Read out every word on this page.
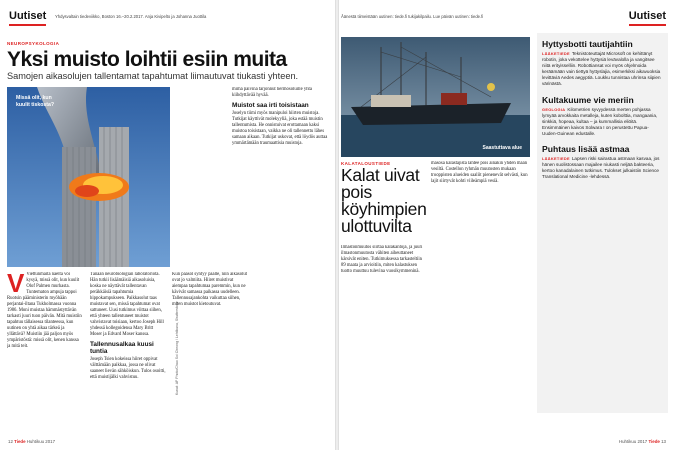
Uutiset Yhdysvaltain tiedeviikko, Boston 16.–20.2.2017. Anja Kivipelto ja Johanna Juottila
NEUROPSYKOLOGIA
Yksi muisto loihtii esiin muita
Samojen aikasolujen tallentamat tapahtumat liimautuvat tiukasti yhteen.
Missä olit, kun
kuulit tiskosta?
Kuvat: AP Photo/Chao Soi Cheong / Lehtikuva, Shutterstock
V Viettunmaita näeltä voi kysyä, missä olit, kun kuulit Olof Palmen murhasta. Tuntematon ampuja tappoi Ruotsin pääministerin myöhään perjantai-iltana Tukholmassa vuonna 1986. Moni muistaa hämmästyttävän tarkasti juuri tuon päivän. Mitä muistiin tapahtuu tällaisessa tilanteessa, kun uutinen on yhtä aikaa tärkeä ja yllättävä? Muistiin jää paljon myös ympäristöstä: missä olit, kenen kanssa ja mitä teit.
Tänään neurobiologian laboratoriota. Hän tutkii lisäämäisiä aikasoluisia, koska ne näyttävät tallentavan peräkkäisiä tapahtumia hippokampukseen. Paikkasolut taas muistavat sen, missä tapahtumat ovat sattuneet. Uusi tutkimus viittaa siihen, että yhteen tallentuneet muistot vahvistavat toisiaan, kertoo Joseph Hill yhdessä kollegoidensa Mary Britt Moser ja Edvard Moser kanssa.
Tallennusalkaa kuusi tuntia
Joseph Tsien kokeissa hiiret oppivat välttämään paikkaa, jossa ne olivat saaneet lievän sähköiskun. Tulos osoitti, että muistijälki vahvistuu.
Kun pääsol syntyy päälle, niin aikasolut ovat jo valmiita. Hiiret muistivat aiempaa tapahtumaa paremmin, kun ne kävivät samassa paikassa uudelleen. Tallennusajankohta vaikuttaa siihen, miten muistot kietoutuvat.
mimä päivinä tarjonnut hermosoluille yhtä kiihdyttävää hyvää.
Muistot saa irti toisistaan
Joselyn tiimi myös manipuloi hiirten muistoja. Tutkijat käyttivät molekyyliä, joka estää muistin tallentumista. He onnistuivat erottamaan kaksi muistoa toisistaan, vaikka ne oli tallennettu lähes samaan aikaan. Tutkijat uskovat, että löydös auttaa ymmärtämään traumaattisia muistoja.
12 Tiede Huhtikuu 2017
Åänestä tiimeistään uutinen: tiede.fi tukijakilpailu. Lue päivän uutinen: tiede.fi	Uutiset
Saastuttava alue
KALATALOUSTIEDE
Kalat uivat pois köyhimpien ulottuvilta
Ilmastonmuutos siirtää kalakantoja, ja juuri ilmastonmuutosta vähiten aiheuttaneet kärsivät eniten. Tutkimuksessa tarkasteltiin 89 maata ja arvioitiin, miten kalastuksen tuotto muuttuu tulevina vuosikymmeninä.
masosa kalastajista lähtee pois ainakin yhden maan vesiltä. Costellon ryhmän muutosten mukaan trooppisten alueiden saaliit pienenevät selvästi, kun lajit siirtyvät kohti viileämpiä vesiä.
Hyttysbotti tautijahtiin
LÄÄKETIEDE Teknistoteuttajät Microsoft on kehittänyt robotin, joka vekottelee hyttysiä levävalolla ja vangitsee niitä erityisselliin. Robottiansat voi myös ohjelmoida keräämään vain tiettyä hyttyslajia, esimerkiksi aikavuoksia levittäviä Aedes aegyptiä. Loukku tunnistaa uhrinsa siipien värinästä.
Kultakuume vie meriin
GEOLOGIA Kilometrien syvyydessä merten pohjassa lymyää arvokkaita metalleja, kuten kobolttia, mangaania, sinkkiä, hopeaa, kultaa – ja kummallisia eliöitä. Ensimmäinen kaivos Solwara I on perustettu Papua-Uuden-Guinean edustalle.
Puhtaus lisää astmaa
LÄÄKETIEDE Lapsen riski sairastua astmaan kasvaa, jos hänen suolistossaan majailee niukasti neljää bakteeria, kertoo kanadalainen tutkimus. Tulokset julkaistiin Science Translational Medicine -lehdessä.
Huhtikuu 2017 Tiede 13
